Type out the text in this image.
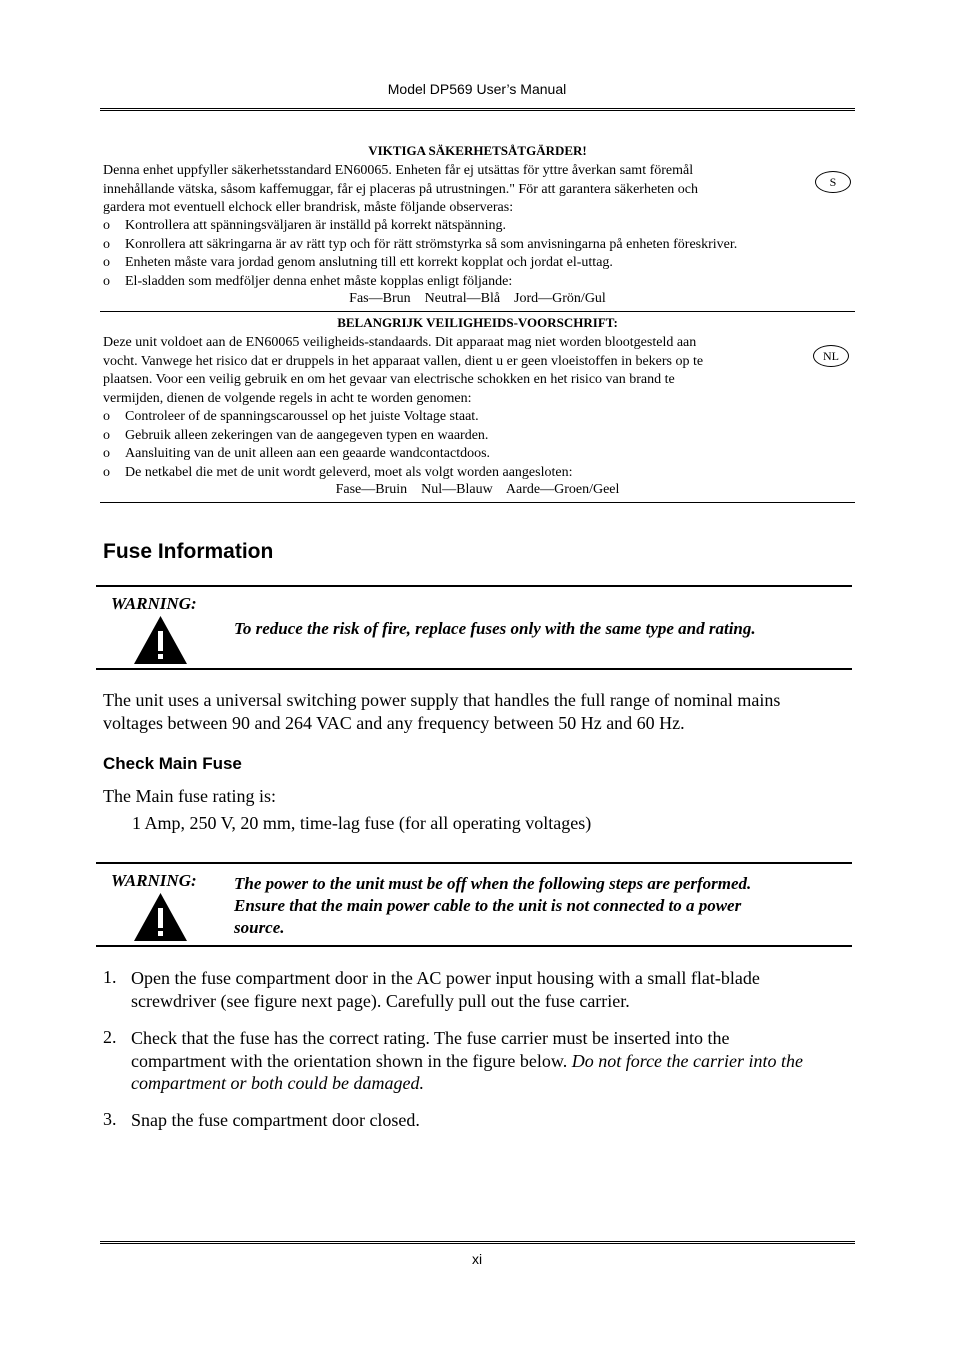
Model DP569 User’s Manual
VIKTIGA SÄKERHETSÅTGÄRDER!
Denna enhet uppfyller säkerhetsstandard EN60065. Enheten får ej utsättas för yttre åverkan samt föremål
innehållande vätska, såsom kaffemuggar, får ej placeras på utrustningen." För att garantera säkerheten och
gardera mot eventuell elchock eller brandrisk, måste följande observeras:
S
o Kontrollera att spänningsväljaren är inställd på korrekt nätspänning.
o Konrollera att säkringarna är av rätt typ och för rätt strömstyrka så som anvisningarna på enheten föreskriver.
o Enheten måste vara jordad genom anslutning till ett korrekt kopplat och jordat el-uttag.
o El-sladden som medföljer denna enhet måste kopplas enligt följande:
Fas—Brun    Neutral—Blå    Jord—Grön/Gul
BELANGRIJK VEILIGHEIDS-VOORSCHRIFT:
Deze unit voldoet aan de EN60065 veiligheids-standaards. Dit apparaat mag niet worden blootgesteld aan
vocht. Vanwege het risico dat er druppels in het apparaat vallen, dient u er geen vloeistoffen in bekers op te
plaatsen. Voor een veilig gebruik en om het gevaar van electrische schokken en het risico van brand te
vermijden, dienen de volgende regels in acht te worden genomen:
NL
o Controleer of de spanningscaroussel op het juiste Voltage staat.
o Gebruik alleen zekeringen van de aangegeven typen en waarden.
o Aansluiting van de unit alleen aan een geaarde wandcontactdoos.
o De netkabel die met de unit wordt geleverd, moet als volgt worden aangesloten:
Fase—Bruin    Nul—Blauw    Aarde—Groen/Geel
Fuse Information
WARNING:
To reduce the risk of fire, replace fuses only with the same type and rating.
The unit uses a universal switching power supply that handles the full range of nominal mains
voltages between 90 and 264 VAC and any frequency between 50 Hz and 60 Hz.
Check Main Fuse
The Main fuse rating is:
1 Amp, 250 V, 20 mm, time-lag fuse (for all operating voltages)
WARNING: The power to the unit must be off when the following steps are performed.
Ensure that the main power cable to the unit is not connected to a power
source.
1. Open the fuse compartment door in the AC power input housing with a small flat-blade
screwdriver (see figure next page). Carefully pull out the fuse carrier.
2. Check that the fuse has the correct rating. The fuse carrier must be inserted into the
compartment with the orientation shown in the figure below. Do not force the carrier into the
compartment or both could be damaged.
3. Snap the fuse compartment door closed.
xi
